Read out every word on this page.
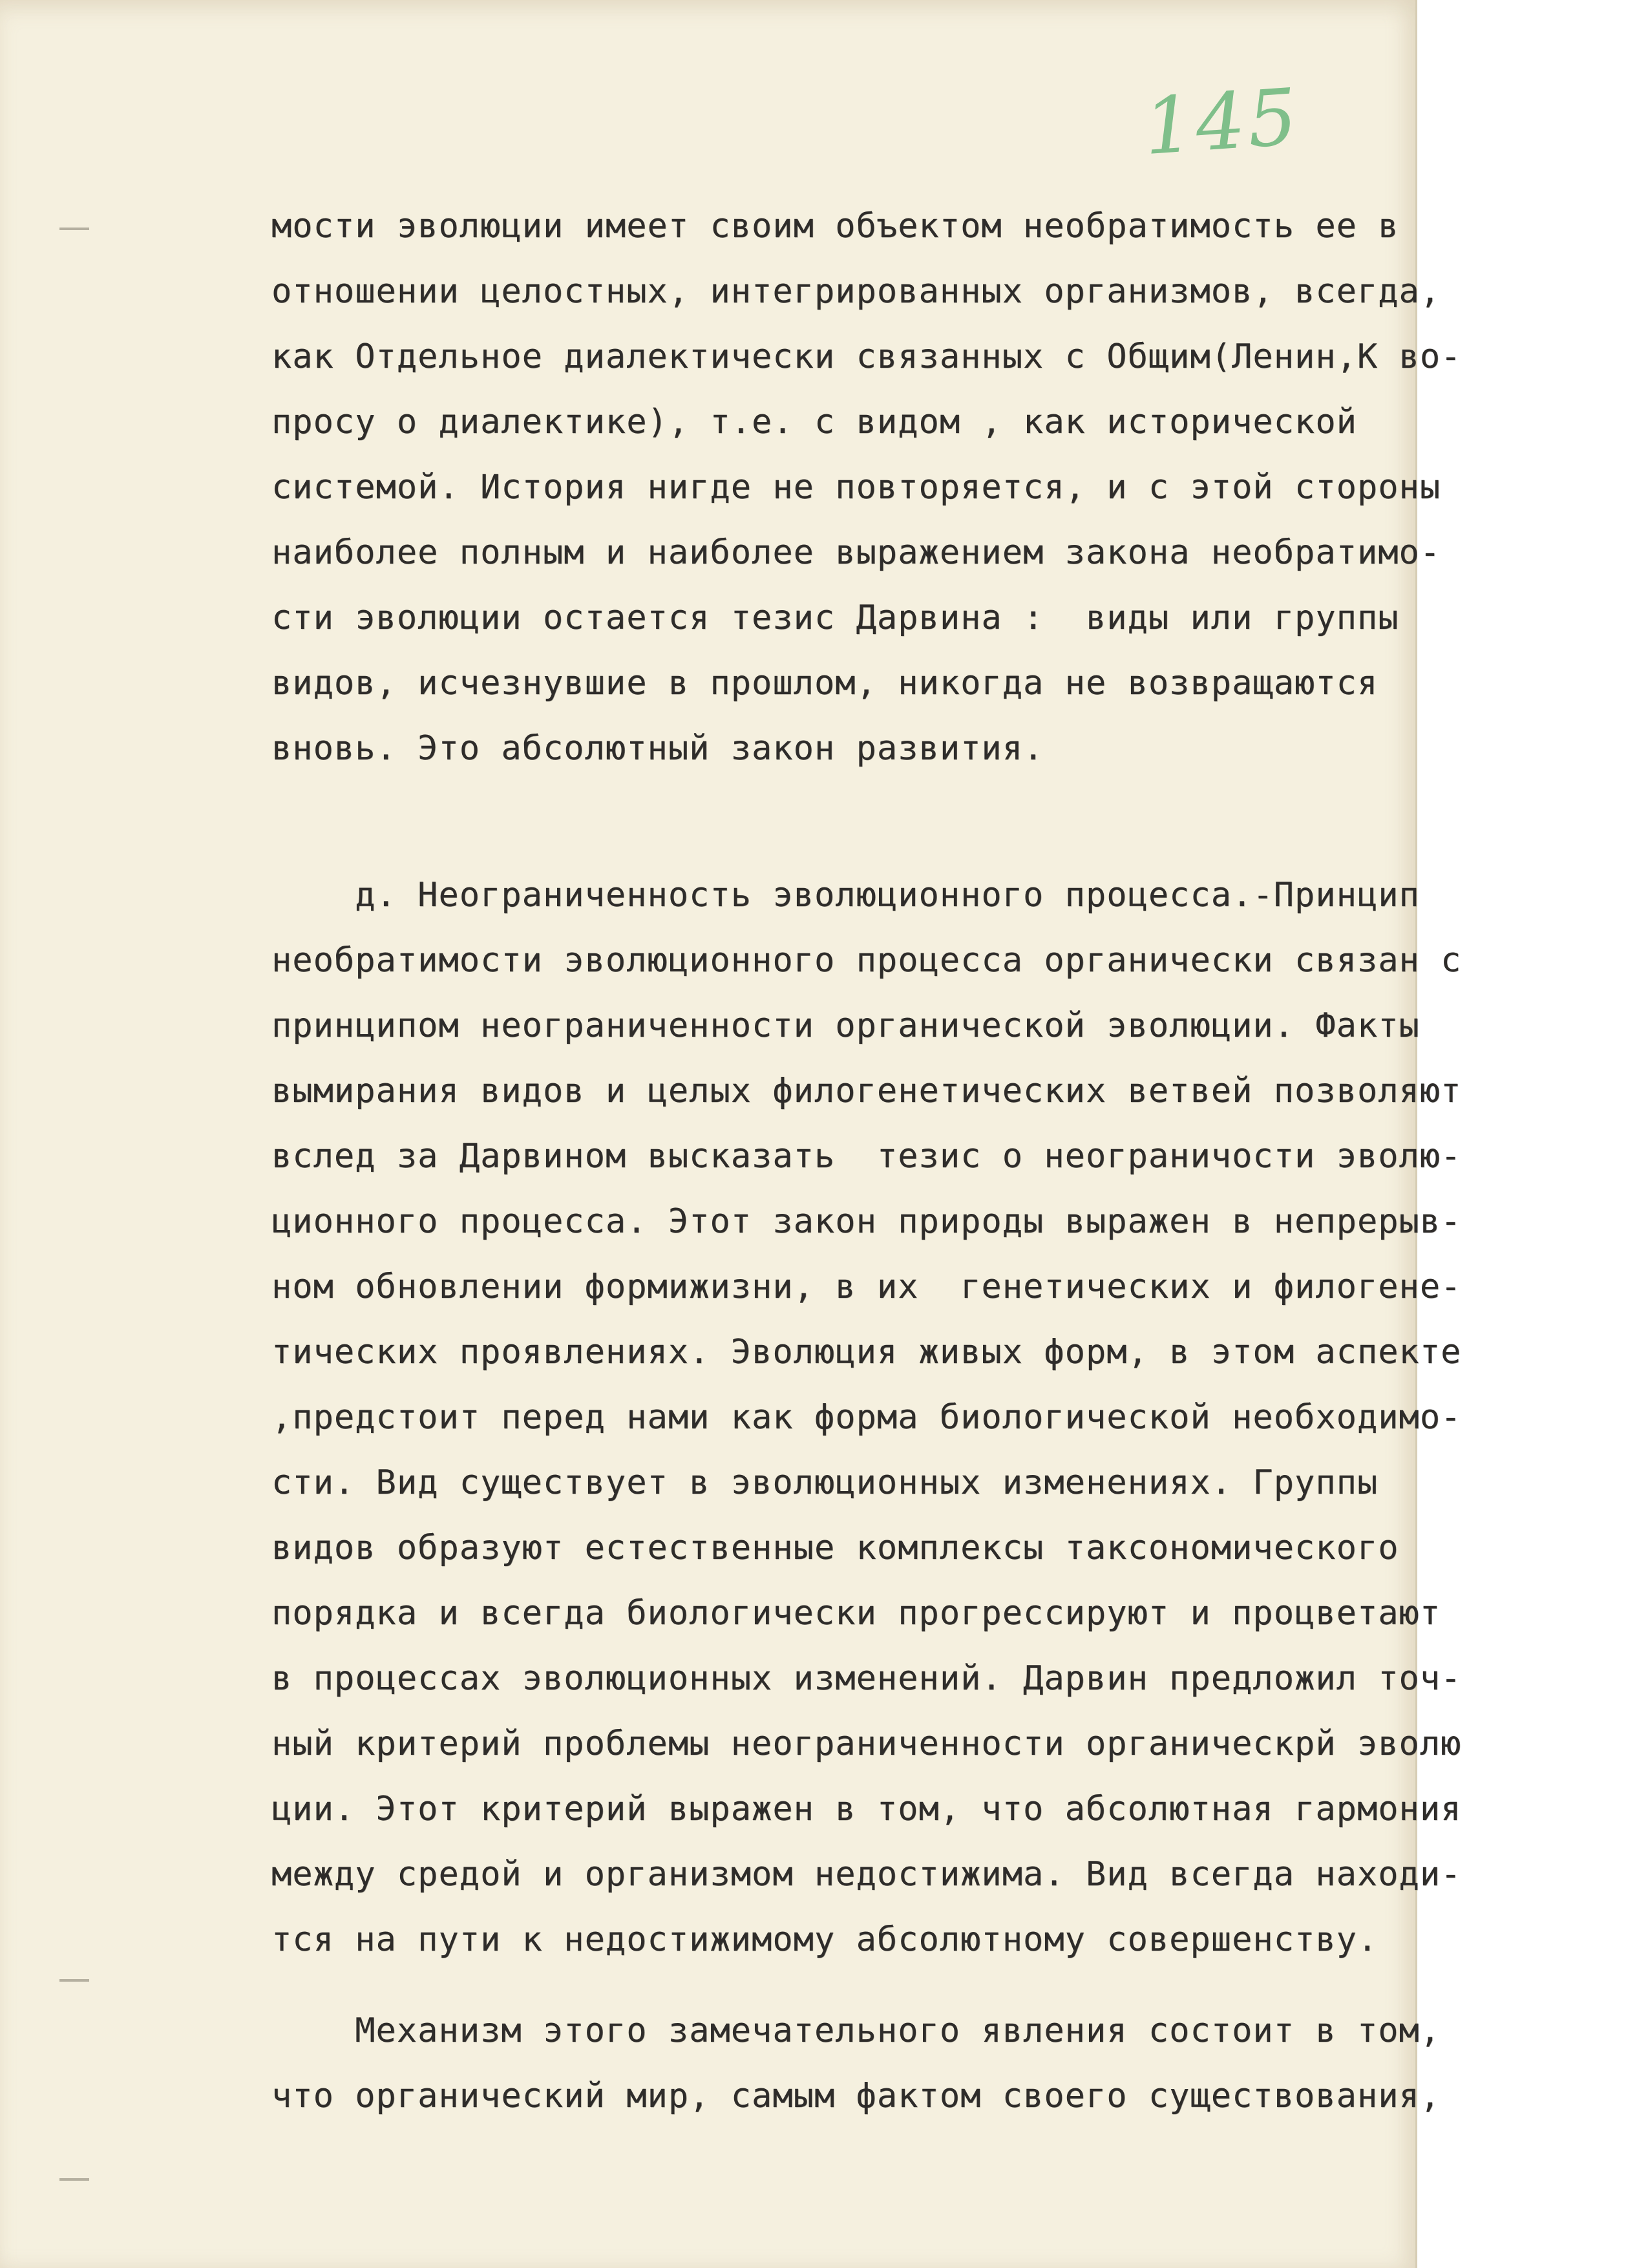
145
мости эволюции имеет своим объектом необратимость ее в
отношении целостных, интегрированных организмов, всегда,
как Отдельное диалектически связанных с Общим(Ленин,К во-
просу о диалектике), т.е. с видом , как исторической
системой. История нигде не повторяется, и с этой стороны
наиболее полным и наиболее выражением закона необратимо-
сти эволюции остается тезис Дарвина :  виды или группы
видов, исчезнувшие в прошлом, никогда не возвращаются
вновь. Это абсолютный закон развития.
д. Неограниченность эволюционного процесса.-Принцип
необратимости эволюционного процесса органически связан с
принципом неограниченности органической эволюции. Факты
вымирания видов и целых филогенетических ветвей позволяют
вслед за Дарвином высказать  тезис о неограничости эволю-
ционного процесса. Этот закон природы выражен в непрерыв-
ном обновлении формижизни, в их  генетических и филогене-
тических проявлениях. Эволюция живых форм, в этом аспекте
,предстоит перед нами как форма биологической необходимо-
сти. Вид существует в эволюционных изменениях. Группы
видов образуют естественные комплексы таксономического
порядка и всегда биологически прогрессируют и процветают
в процессах эволюционных изменений. Дарвин предложил точ-
ный критерий проблемы неограниченности органическрй эволю
ции. Этот критерий выражен в том, что абсолютная гармония
между средой и организмом недостижима. Вид всегда находи-
тся на пути к недостижимому абсолютному совершенству.
Механизм этого замечательного явления состоит в том,
что органический мир, самым фактом своего существования,
